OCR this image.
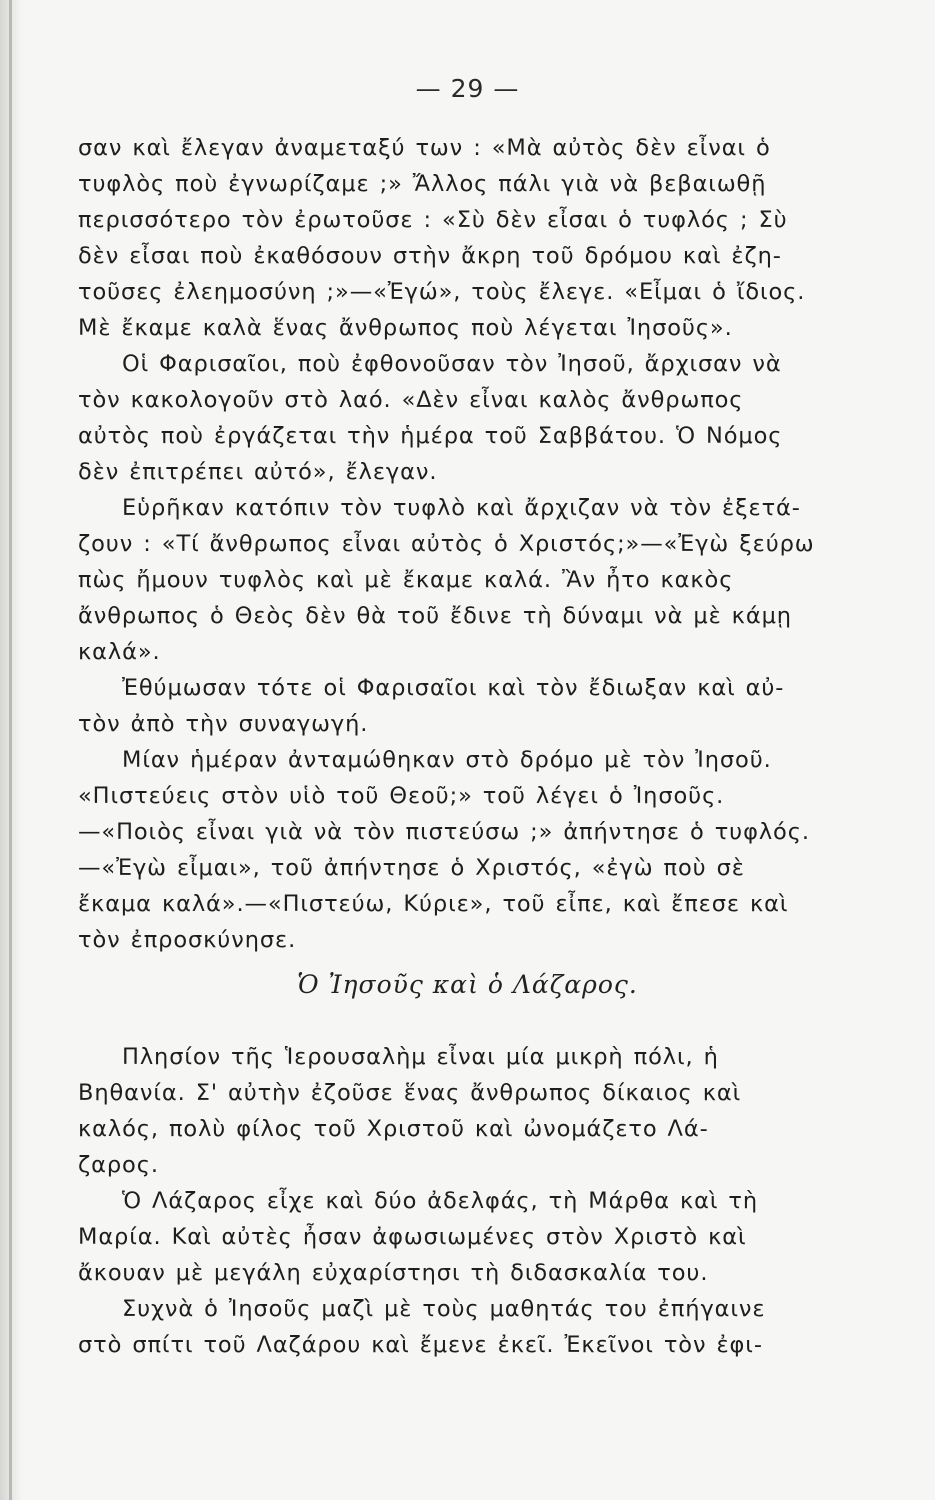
— 29 —
σαν καὶ ἔλεγαν ἀναμεταξύ των : «Μὰ αὐτὸς δὲν εἶναι ὁ
τυφλὸς ποὺ ἐγνωρίζαμε ;» Ἄλλος πάλι γιὰ νὰ βεβαιωθῇ
περισσότερο τὸν ἐρωτοῦσε : «Σὺ δὲν εἶσαι ὁ τυφλός ; Σὺ
δὲν εἶσαι ποὺ ἐκαθόσουν στὴν ἄκρη τοῦ δρόμου καὶ ἐζη-
τοῦσες ἐλεημοσύνη ;»—«Ἐγώ», τοὺς ἔλεγε. «Εἶμαι ὁ ἴδιος.
Μὲ ἔκαμε καλὰ ἕνας ἄνθρωπος ποὺ λέγεται Ἰησοῦς».
Οἱ Φαρισαῖοι, ποὺ ἐφθονοῦσαν τὸν Ἰησοῦ, ἄρχισαν νὰ
τὸν κακολογοῦν στὸ λαό. «Δὲν εἶναι καλὸς ἄνθρωπος
αὐτὸς ποὺ ἐργάζεται τὴν ἡμέρα τοῦ Σαββάτου. Ὁ Νόμος
δὲν ἐπιτρέπει αὐτό», ἔλεγαν.
Εὑρῆκαν κατόπιν τὸν τυφλὸ καὶ ἄρχιζαν νὰ τὸν ἐξετά-
ζουν : «Τί ἄνθρωπος εἶναι αὐτὸς ὁ Χριστός;»—«Ἐγὼ ξεύρω
πὼς ἤμουν τυφλὸς καὶ μὲ ἔκαμε καλά. Ἂν ἦτο κακὸς
ἄνθρωπος ὁ Θεὸς δὲν θὰ τοῦ ἔδινε τὴ δύναμι νὰ μὲ κάμῃ
καλά».
Ἐθύμωσαν τότε οἱ Φαρισαῖοι καὶ τὸν ἔδιωξαν καὶ αὐ-
τὸν ἀπὸ τὴν συναγωγή.
Μίαν ἡμέραν ἀνταμώθηκαν στὸ δρόμο μὲ τὸν Ἰησοῦ.
«Πιστεύεις στὸν υἱὸ τοῦ Θεοῦ;» τοῦ λέγει ὁ Ἰησοῦς.
—«Ποιὸς εἶναι γιὰ νὰ τὸν πιστεύσω ;» ἀπήντησε ὁ τυφλός.
—«Ἐγὼ εἶμαι», τοῦ ἀπήντησε ὁ Χριστός, «ἐγὼ ποὺ σὲ
ἔκαμα καλά».—«Πιστεύω, Κύριε», τοῦ εἶπε, καὶ ἔπεσε καὶ
τὸν ἐπροσκύνησε.
Ὁ Ἰησοῦς καὶ ὁ Λάζαρος.
Πλησίον τῆς Ἱερουσαλὴμ εἶναι μία μικρὴ πόλι, ἡ
Βηθανία. Σ' αὐτὴν ἐζοῦσε ἕνας ἄνθρωπος δίκαιος καὶ
καλός, πολὺ φίλος τοῦ Χριστοῦ καὶ ὠνομάζετο Λά-
ζαρος.
Ὁ Λάζαρος εἶχε καὶ δύο ἀδελφάς, τὴ Μάρθα καὶ τὴ
Μαρία. Καὶ αὐτὲς ἦσαν ἀφωσιωμένες στὸν Χριστὸ καὶ
ἄκουαν μὲ μεγάλη εὐχαρίστησι τὴ διδασκαλία του.
Συχνὰ ὁ Ἰησοῦς μαζὶ μὲ τοὺς μαθητάς του ἐπήγαινε
στὸ σπίτι τοῦ Λαζάρου καὶ ἔμενε ἐκεῖ. Ἐκεῖνοι τὸν ἐφι-
